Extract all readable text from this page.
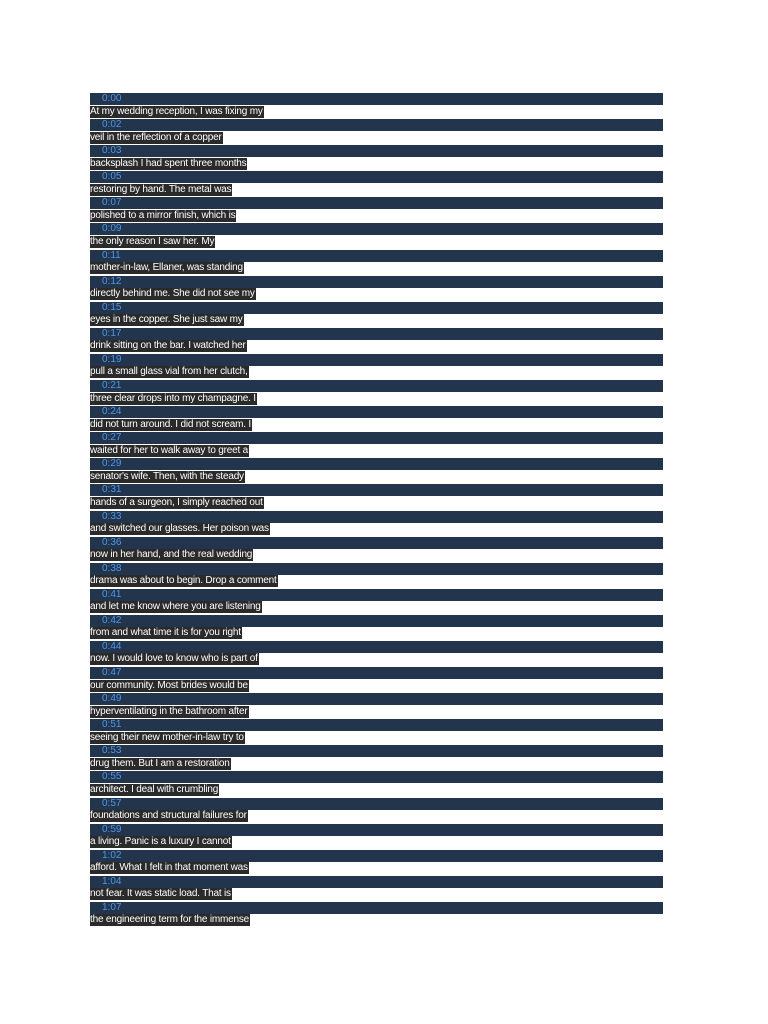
0:00
At my wedding reception, I was fixing my
0:02
veil in the reflection of a copper
0:03
backsplash I had spent three months
0:05
restoring by hand. The metal was
0:07
polished to a mirror finish, which is
0:09
the only reason I saw her. My
0:11
mother-in-law, Ellaner, was standing
0:12
directly behind me. She did not see my
0:15
eyes in the copper. She just saw my
0:17
drink sitting on the bar. I watched her
0:19
pull a small glass vial from her clutch,
0:21
three clear drops into my champagne. I
0:24
did not turn around. I did not scream. I
0:27
waited for her to walk away to greet a
0:29
senator's wife. Then, with the steady
0:31
hands of a surgeon, I simply reached out
0:33
and switched our glasses. Her poison was
0:36
now in her hand, and the real wedding
0:38
drama was about to begin. Drop a comment
0:41
and let me know where you are listening
0:42
from and what time it is for you right
0:44
now. I would love to know who is part of
0:47
our community. Most brides would be
0:49
hyperventilating in the bathroom after
0:51
seeing their new mother-in-law try to
0:53
drug them. But I am a restoration
0:55
architect. I deal with crumbling
0:57
foundations and structural failures for
0:59
a living. Panic is a luxury I cannot
1:02
afford. What I felt in that moment was
1:04
not fear. It was static load. That is
1:07
the engineering term for the immense
